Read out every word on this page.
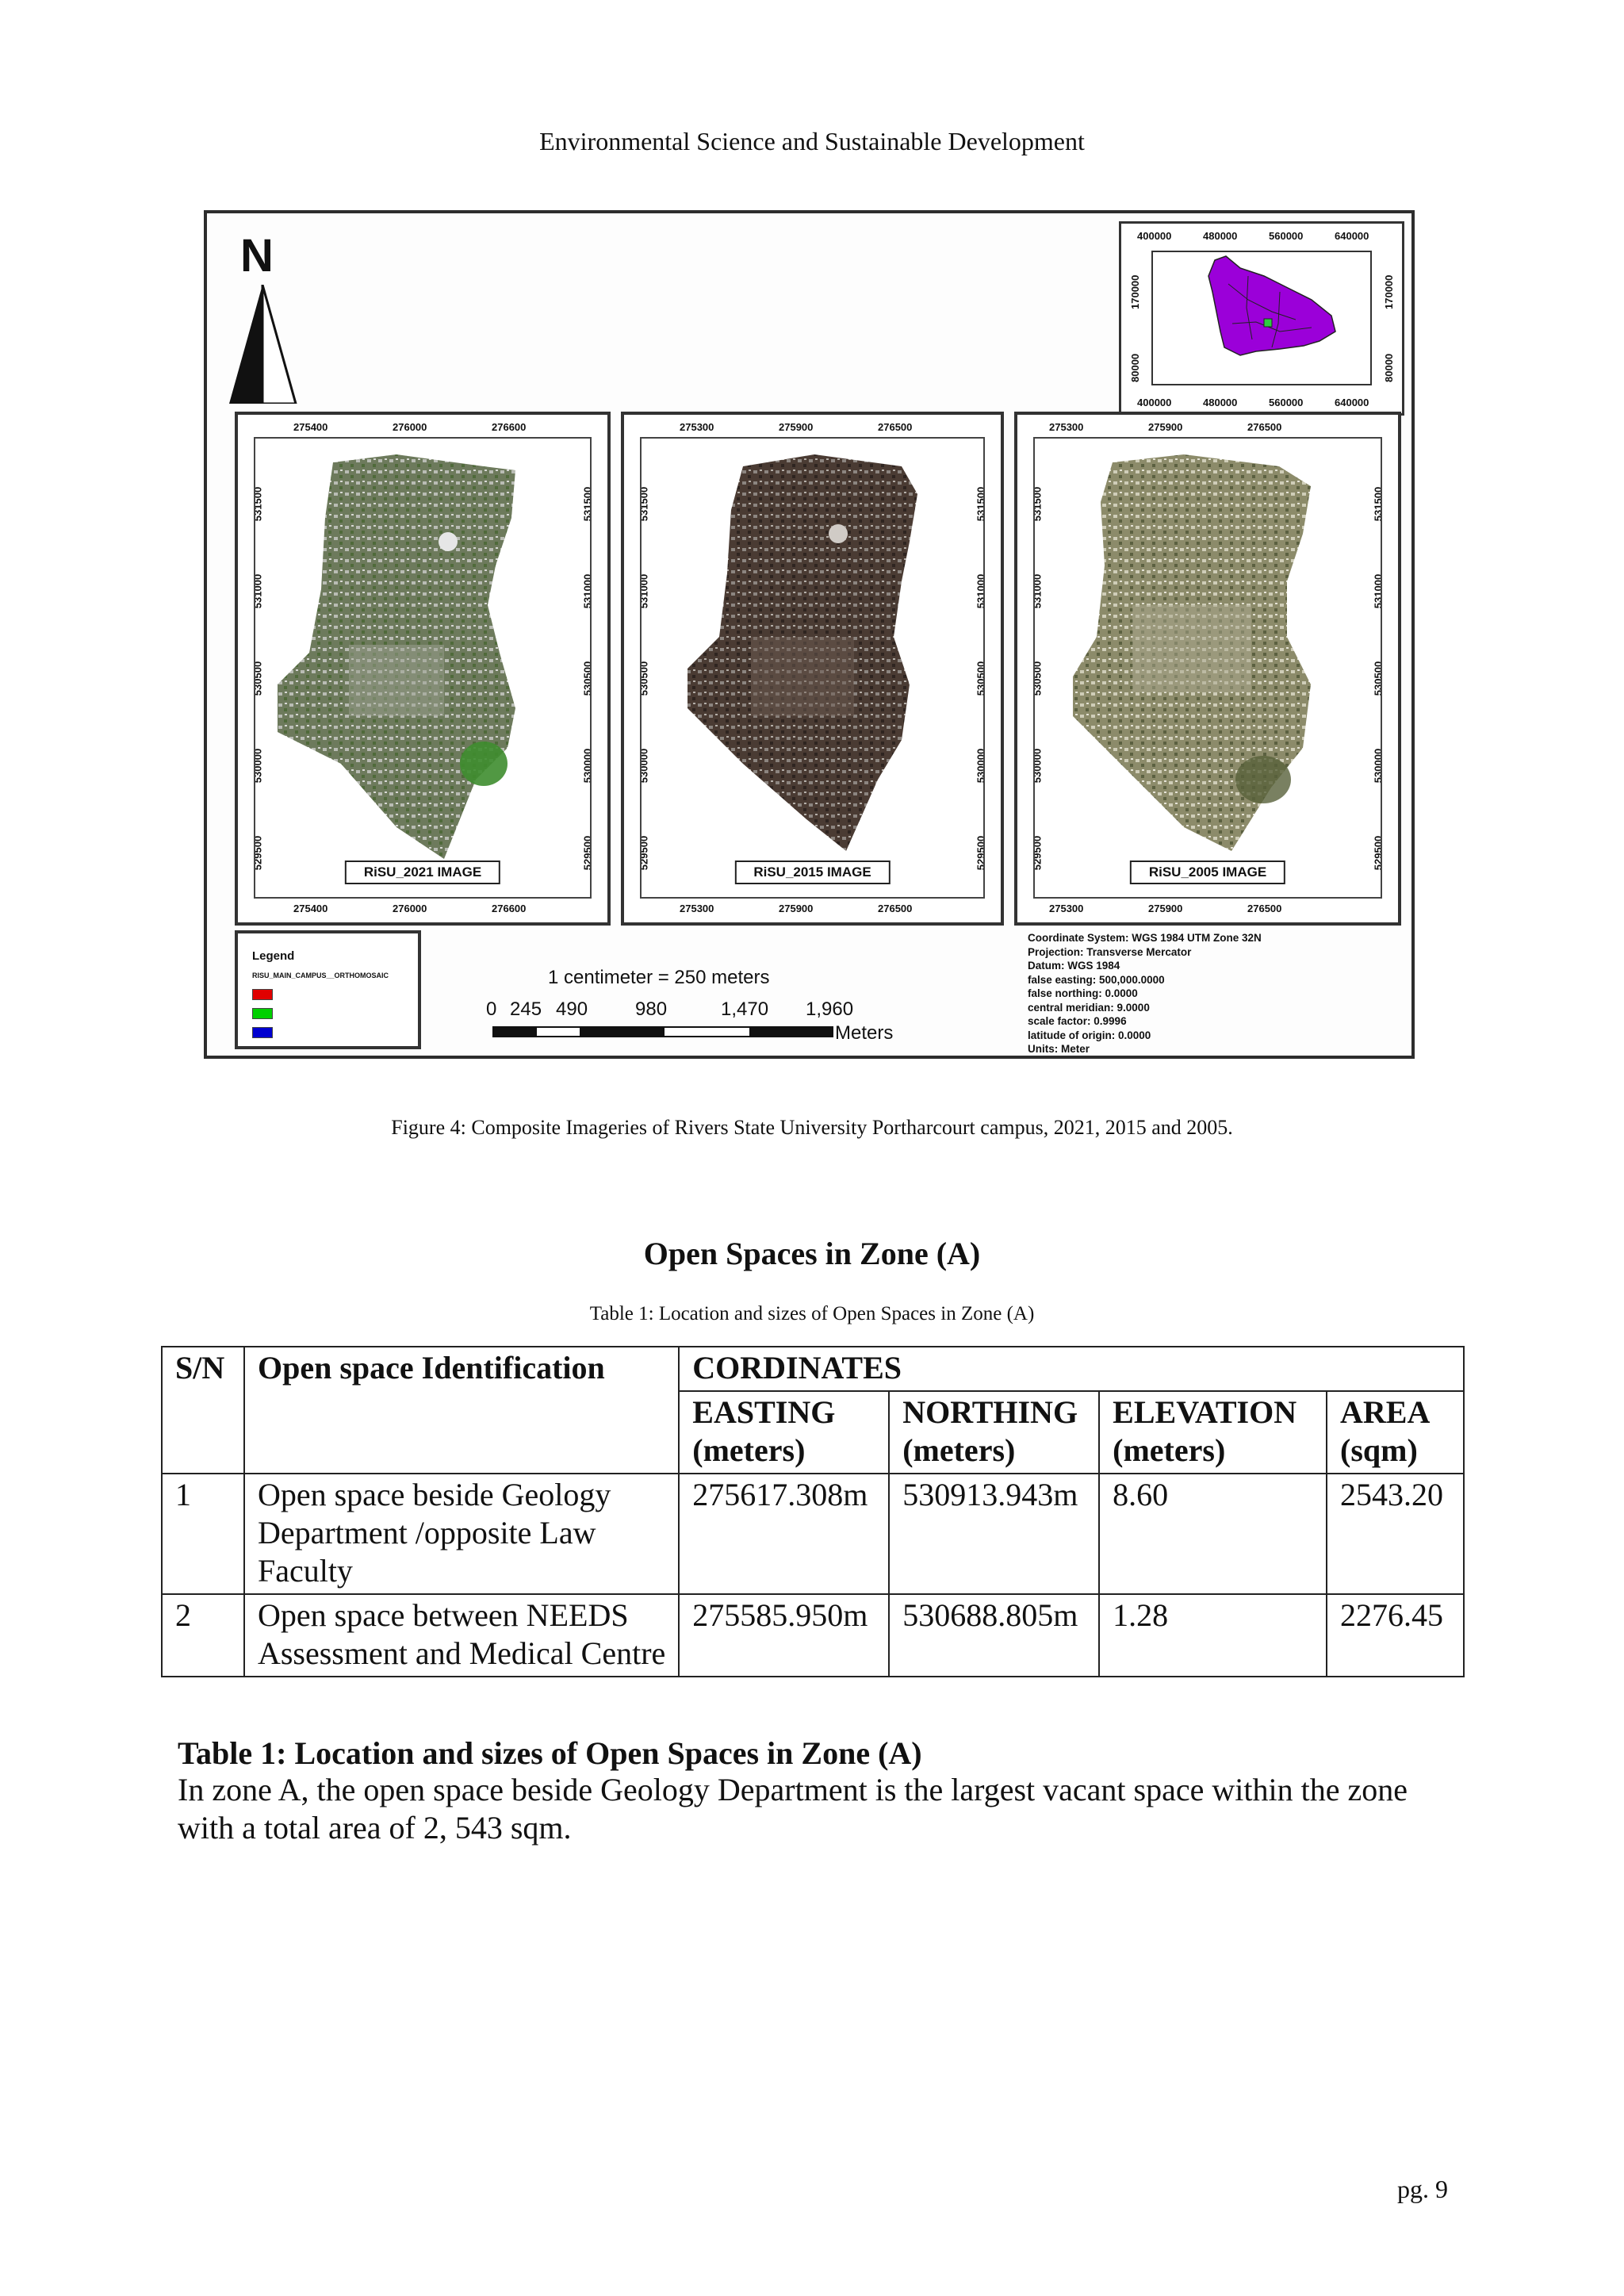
Environmental Science and Sustainable Development
N	400000	480000	560000	640000
400000	480000	560000	640000
170000
80000
170000
80000
275400	276000	276600
275400	276000	276600
531500
531000
530500
530000
529500
531500
531000
530500
530000
529500
RiSU_2021 IMAGE
275300	275900	276500
275300	275900	276500
531500
531000
530500
530000
529500
531500
531000
530500
530000
529500
RiSU_2015 IMAGE
275300	275900	276500
275300	275900	276500
531500
531000
530500
530000
529500
531500
531000
530500
530000
529500
RiSU_2005 IMAGE
Legend
RISU_MAIN_CAMPUS__ORTHOMOSAIC	1 centimeter = 250 meters
0 245 490 980	1,470 1,960
Meters
Coordinate System: WGS 1984 UTM Zone 32N
Projection: Transverse Mercator
Datum: WGS 1984
false easting: 500,000.0000
false northing: 0.0000
central meridian: 9.0000
scale factor: 0.9996
latitude of origin: 0.0000
Units: Meter
Figure 4: Composite Imageries of Rivers State University Portharcourt campus, 2021, 2015 and 2005.
Open Spaces in Zone (A)
Table 1: Location and sizes of Open Spaces in Zone (A)
S/N	Open space Identification	CORDINATES			
		EASTING (meters)	NORTHING (meters)	ELEVATION (meters)	AREA (sqm)
1	Open space beside Geology Department /opposite Law Faculty	275617.308m	530913.943m	8.60	2543.20
2	Open space between NEEDS Assessment and Medical Centre	275585.950m	530688.805m	1.28	2276.45
Table 1: Location and sizes of Open Spaces in Zone (A)
In zone A, the open space beside Geology Department is the largest vacant space within the zone with a total area of 2, 543 sqm.
pg. 9
